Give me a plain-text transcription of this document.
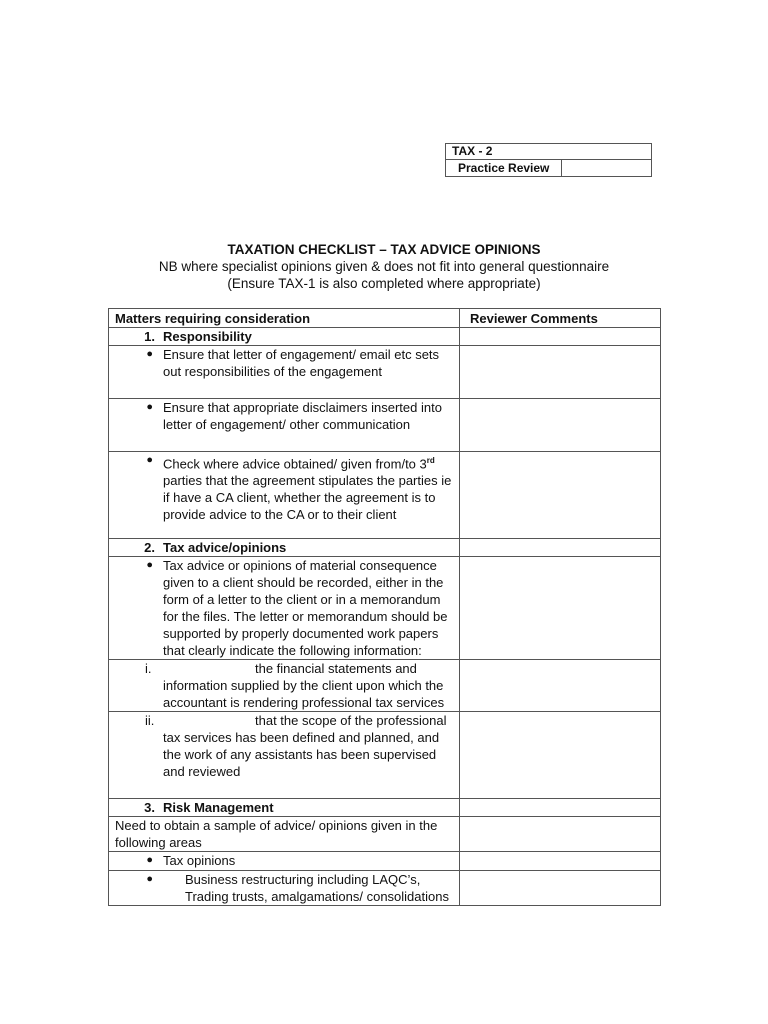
TAX - 2
Practice Review	
TAXATION CHECKLIST – TAX ADVICE OPINIONS
NB where specialist opinions given & does not fit into general questionnaire
(Ensure TAX-1 is also completed where appropriate)
Matters requiring consideration	Reviewer Comments

1. Responsibility	

● Ensure that letter of engagement/ email etc sets out responsibilities of the engagement	

● Ensure that appropriate disclaimers inserted into letter of engagement/ other communication	

● Check where advice obtained/ given from/to 3rd parties that the agreement stipulates the parties ie if have a CA client, whether the agreement is to provide advice to the CA or to their client	

2. Tax advice/opinions	

● Tax advice or opinions of material consequence given to a client should be recorded, either in the form of a letter to the client or in a memorandum for the files. The letter or memorandum should be supported by properly documented work papers that clearly indicate the following information:	

i. the financial statements and information supplied by the client upon which the accountant is rendering professional tax services	

ii. that the scope of the professional tax services has been defined and planned, and the work of any assistants has been supervised and reviewed	

3. Risk Management	

Need to obtain a sample of advice/ opinions given in the following areas	

● Tax opinions	

● Business restructuring including LAQC’s, Trading trusts, amalgamations/ consolidations	
